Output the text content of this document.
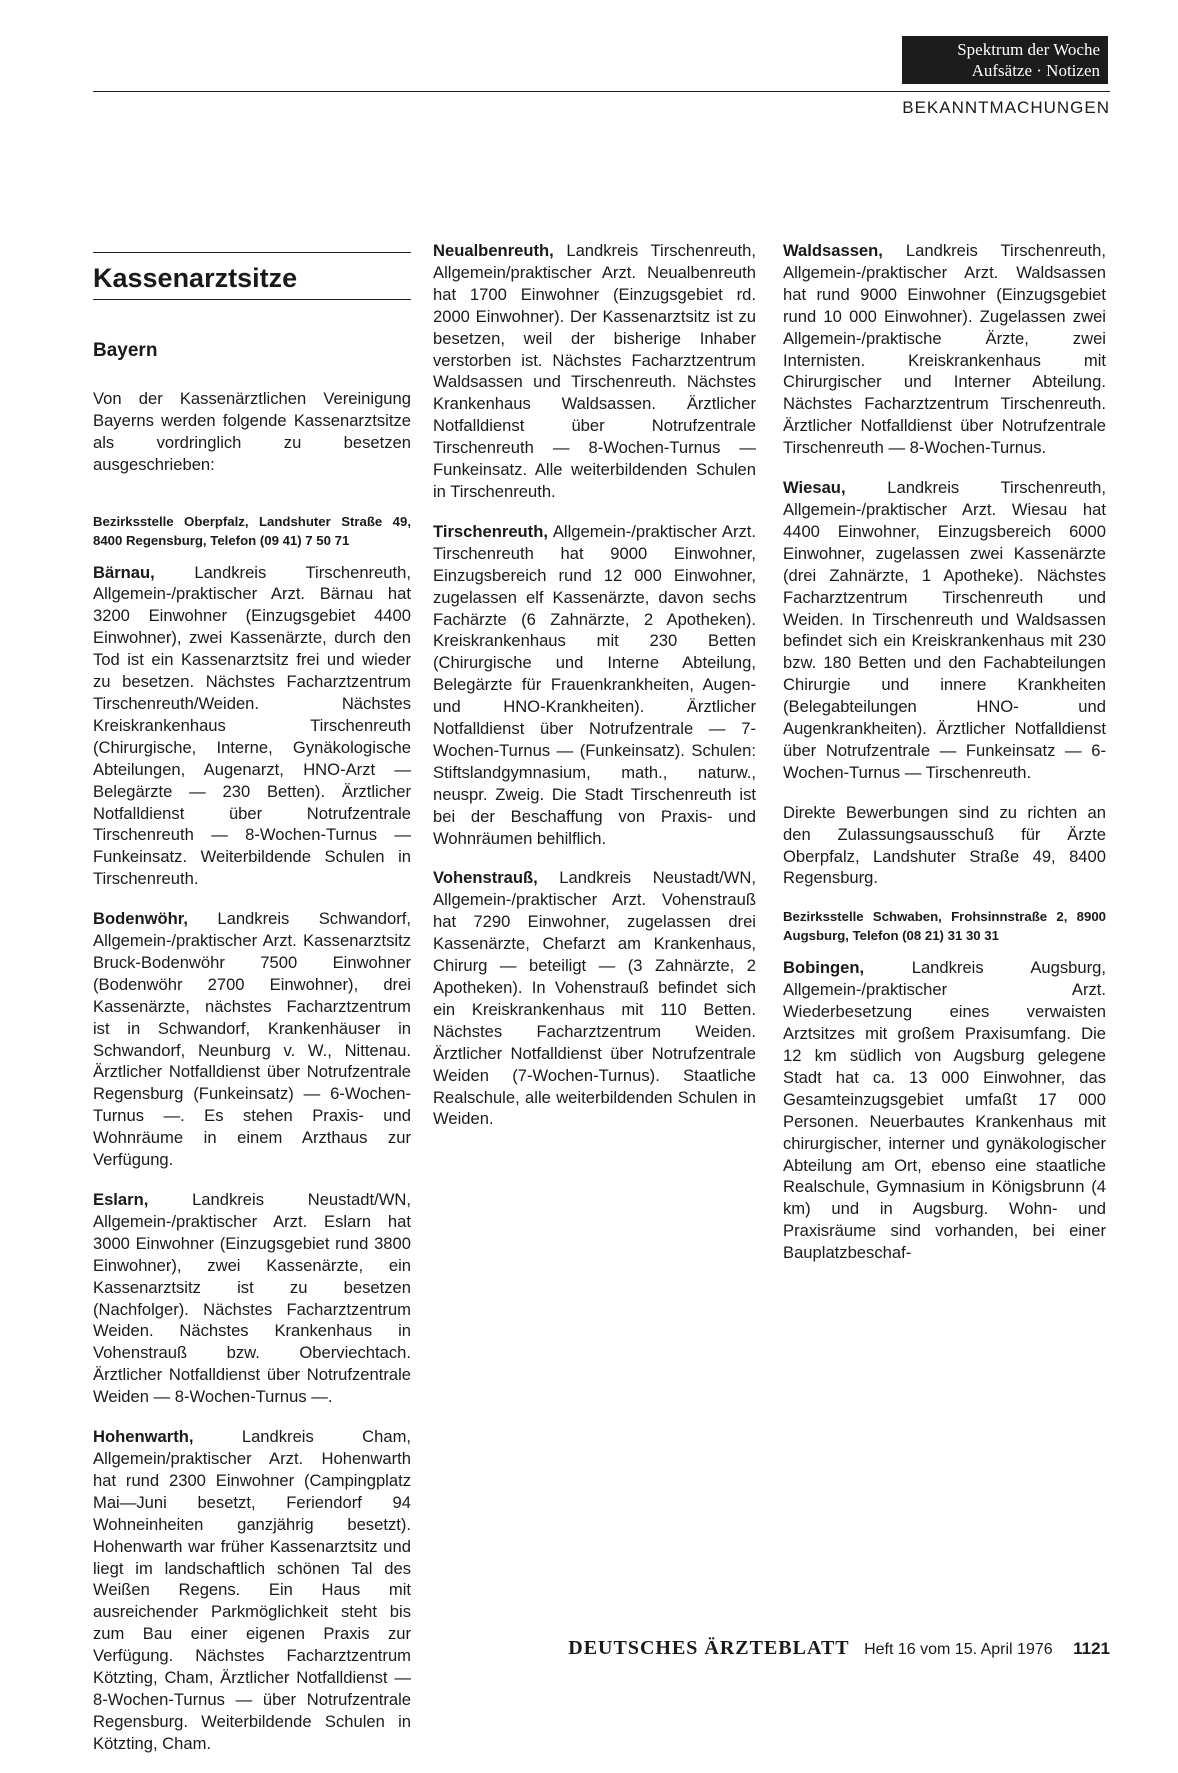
Spektrum der Woche
Aufsätze · Notizen
BEKANNTMACHUNGEN
Kassenarztsitze
Bayern

Von der Kassenärztlichen Vereinigung Bayerns werden folgende Kassenarztsitze als vordringlich zu besetzen ausgeschrieben:

Bezirksstelle Oberpfalz, Landshuter Straße 49, 8400 Regensburg, Telefon (09 41) 7 50 71

Bärnau, Landkreis Tirschenreuth, Allgemein-/praktischer Arzt. Bärnau hat 3200 Einwohner (Einzugsgebiet 4400 Einwohner), zwei Kassenärzte, durch den Tod ist ein Kassenarztsitz frei und wieder zu besetzen. Nächstes Facharztzentrum Tirschenreuth/Weiden. Nächstes Kreiskrankenhaus Tirschenreuth (Chirurgische, Interne, Gynäkologische Abteilungen, Augenarzt, HNO-Arzt — Belegärzte — 230 Betten). Ärztlicher Notfalldienst über Notrufzentrale Tirschenreuth — 8-Wochen-Turnus — Funkeinsatz. Weiterbildende Schulen in Tirschenreuth.

Bodenwöhr, Landkreis Schwandorf, Allgemein-/praktischer Arzt. Kassenarztsitz Bruck-Bodenwöhr 7500 Einwohner (Bodenwöhr 2700 Einwohner), drei Kassenärzte, nächstes Facharztzentrum ist in Schwandorf, Krankenhäuser in Schwandorf, Neunburg v. W., Nittenau. Ärztlicher Notfalldienst über Notrufzentrale Regensburg (Funkeinsatz) — 6-Wochen-Turnus —. Es stehen Praxis- und Wohnräume in einem Arzthaus zur Verfügung.

Eslarn,	Landkreis Neustadt/WN, Allgemein-/praktischer Arzt. Eslarn hat 3000 Einwohner (Einzugsgebiet rund 3800 Einwohner), zwei Kassenärzte, ein Kassenarztsitz ist zu besetzen (Nachfolger). Nächstes Facharztzentrum Weiden. Nächstes Krankenhaus in Vohenstrauß bzw. Oberviechtach. Ärztlicher Notfalldienst über Notrufzentrale Weiden — 8-Wochen-Turnus —.

Hohenwarth,	Landkreis Cham, Allgemein/praktischer Arzt. Hohenwarth hat rund 2300 Einwohner (Campingplatz Mai—Juni besetzt, Feriendorf 94 Wohneinheiten ganzjährig besetzt). Hohenwarth war früher Kassenarztsitz und liegt im landschaftlich schönen Tal des Weißen Regens. Ein Haus mit ausreichender Parkmöglichkeit steht bis zum Bau einer eigenen Praxis zur Verfügung. Nächstes Facharztzentrum Kötzting, Cham, Ärztlicher Notfalldienst — 8-Wochen-Turnus — über Notrufzentrale Regensburg. Weiterbildende Schulen in Kötzting, Cham.

Neualbenreuth, Landkreis Tirschenreuth, Allgemein/praktischer Arzt. Neualbenreuth hat 1700 Einwohner (Einzugsgebiet rd. 2000 Einwohner). Der Kassenarztsitz ist zu besetzen, weil der bisherige Inhaber verstorben ist. Nächstes Facharztzentrum Waldsassen und Tirschenreuth. Nächstes Krankenhaus Waldsassen. Ärztlicher Notfalldienst über Notrufzentrale Tirschenreuth — 8-Wochen-Turnus — Funkeinsatz. Alle weiterbildenden Schulen in Tirschenreuth.

Tirschenreuth, Allgemein-/praktischer Arzt. Tirschenreuth hat 9000 Einwohner, Einzugsbereich rund 12 000 Einwohner, zugelassen elf Kassenärzte, davon sechs Fachärzte (6 Zahnärzte, 2 Apotheken). Kreiskrankenhaus mit 230 Betten (Chirurgische und Interne Abteilung, Belegärzte für Frauenkrankheiten, Augen- und HNO-Krankheiten). Ärztlicher Notfalldienst über Notrufzentrale — 7-Wochen-Turnus — (Funkeinsatz). Schulen: Stiftslandgymnasium, math., naturw., neuspr. Zweig. Die Stadt Tirschenreuth ist bei der Beschaffung von Praxis- und Wohnräumen behilflich.

Vohenstrauß, Landkreis Neustadt/WN, Allgemein-/praktischer Arzt. Vohenstrauß hat 7290 Einwohner, zugelassen drei Kassenärzte, Chefarzt am Krankenhaus, Chirurg — beteiligt — (3 Zahnärzte, 2 Apotheken). In Vohenstrauß befindet sich ein Kreiskrankenhaus mit 110 Betten. Nächstes Facharztzentrum Weiden. Ärztlicher Notfalldienst über Notrufzentrale Weiden (7-Wochen-Turnus). Staatliche Realschule, alle weiterbildenden Schulen in Weiden.

Waldsassen, Landkreis Tirschenreuth, Allgemein-/praktischer Arzt. Waldsassen hat rund 9000 Einwohner (Einzugsgebiet rund 10 000 Einwohner). Zugelassen zwei Allgemein-/praktische Ärzte, zwei Internisten. Kreiskrankenhaus mit Chirurgischer und Interner Abteilung. Nächstes Facharztzentrum Tirschenreuth. Ärztlicher Notfalldienst über Notrufzentrale Tirschenreuth — 8-Wochen-Turnus.

Wiesau,	Landkreis Tirschenreuth, Allgemein-/praktischer Arzt. Wiesau hat 4400 Einwohner, Einzugsbereich 6000 Einwohner, zugelassen zwei Kassenärzte (drei Zahnärzte, 1 Apotheke). Nächstes Facharztzentrum Tirschenreuth und Weiden. In Tirschenreuth und Waldsassen befindet sich ein Kreiskrankenhaus mit 230 bzw. 180 Betten und den Fachabteilungen Chirurgie und innere Krankheiten (Belegabteilungen HNO- und Augenkrankheiten). Ärztlicher Notfalldienst über Notrufzentrale — Funkeinsatz — 6-Wochen-Turnus — Tirschenreuth.

Direkte Bewerbungen sind zu richten an den Zulassungsausschuß für Ärzte Oberpfalz, Landshuter Straße 49, 8400 Regensburg.

Bezirksstelle Schwaben, Frohsinnstraße 2, 8900 Augsburg, Telefon (08 21) 31 30 31

Bobingen,	Landkreis Augsburg, Allgemein-/praktischer Arzt. Wiederbesetzung eines verwaisten Arztsitzes mit großem Praxisumfang. Die 12 km südlich von Augsburg gelegene Stadt hat ca. 13 000 Einwohner, das Gesamteinzugsgebiet umfaßt 17 000 Personen. Neuerbautes Krankenhaus mit chirurgischer, interner und gynäkologischer Abteilung am Ort, ebenso eine staatliche Realschule, Gymnasium in Königsbrunn (4 km) und in Augsburg. Wohn- und Praxisräume sind vorhanden, bei einer Bauplatzbeschaf-

DEUTSCHES ÄRZTEBLATT Heft 16 vom 15. April 1976 1121
